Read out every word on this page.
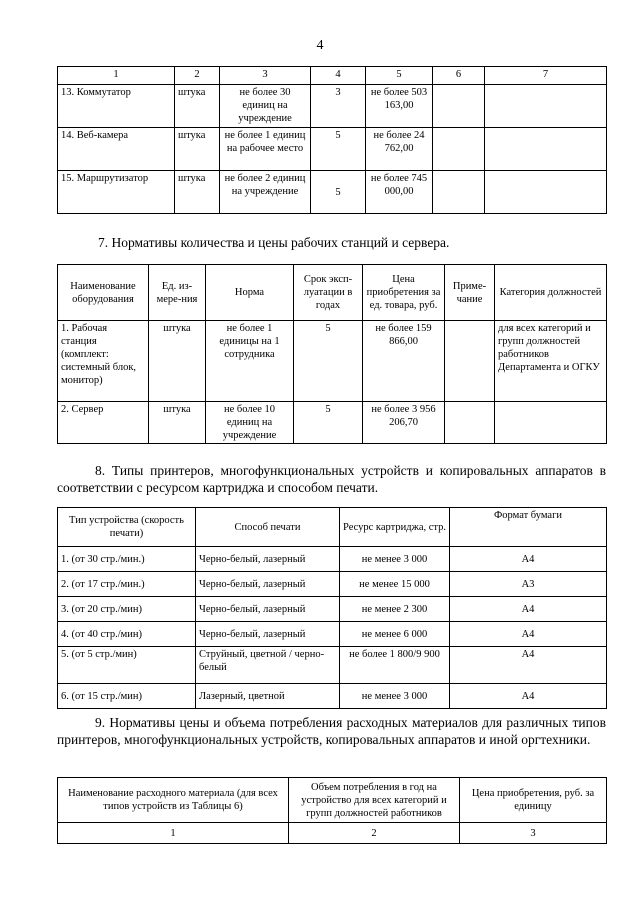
4
1	2	3	4	5	6	7
13. Коммутатор	штука	не более 30 единиц на учреждение	3	не более 503 163,00		
14. Веб-камера	штука	не более 1 единиц на рабочее место	5	не более 24 762,00		
15. Маршрутизатор	штука	не более 2 единиц на учреждение	5	не более 745 000,00		
7. Нормативы количества и цены рабочих станций и сервера.
Наименование оборудования	Ед. из-мере-ния	Норма	Срок эксп-луатации в годах	Цена приобретения за ед. товара, руб.	Приме-чание	Категория должностей
1. Рабочая станция (комплект: системный блок, монитор)	штука	не более 1 единицы на 1 сотрудника	5	не более 159 866,00		для всех категорий и групп должностей работников Департамента и ОГКУ
2. Сервер	штука	не более 10 единиц на учреждение	5	не более 3 956 206,70		
8. Типы принтеров, многофункциональных устройств и копировальных аппаратов в соответствии с ресурсом картриджа и способом печати.
Тип устройства (скорость печати)	Способ печати	Ресурс картриджа, стр.	Формат бумаги
1. (от 30 стр./мин.)	Черно-белый, лазерный	не менее 3 000	А4
2. (от 17 стр./мин.)	Черно-белый, лазерный	не менее 15 000	А3
3. (от 20 стр./мин)	Черно-белый, лазерный	не менее 2 300	А4
4. (от 40 стр./мин)	Черно-белый, лазерный	не менее 6 000	А4
5. (от 5 стр./мин)	Струйный, цветной / черно-белый	не более 1 800/9 900	А4
6. (от 15 стр./мин)	Лазерный, цветной	не менее 3 000	А4
9. Нормативы цены и объема потребления расходных материалов для различных типов принтеров, многофункциональных устройств, копировальных аппаратов и иной оргтехники.
Наименование расходного материала (для всех типов устройств из Таблицы 6)	Объем потребления в год на устройство для всех категорий и групп должностей работников	Цена приобретения, руб. за единицу
1	2	3
